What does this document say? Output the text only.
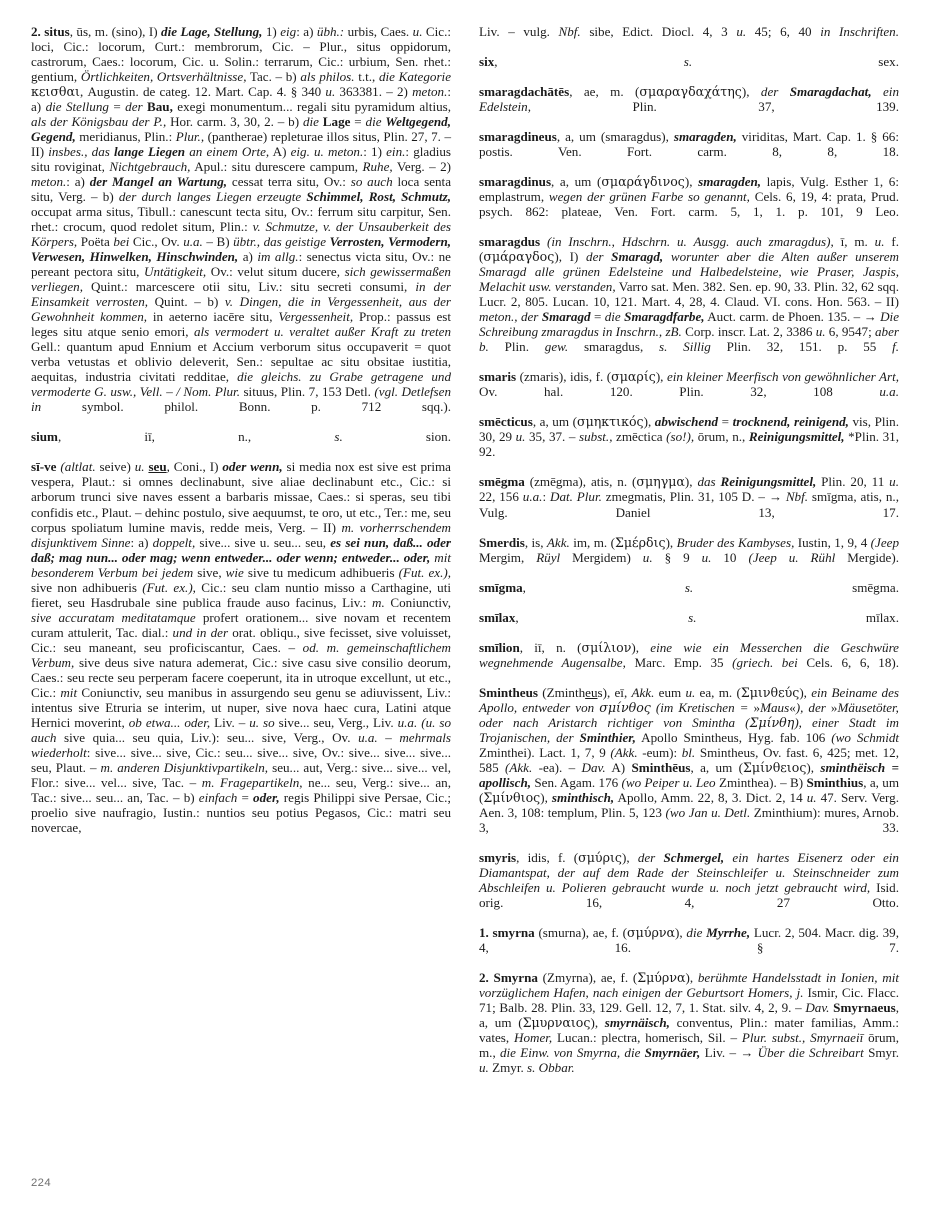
2. situs, ūs, m. (sino), I) die Lage, Stellung, 1) eig: a) übh.: urbis, Caes. u. Cic.: loci, Cic.: locorum, Curt.: membrorum, Cic. – Plur., situs oppidorum, castrorum, Caes.: locorum, Cic. u. Solin.: terrarum, Cic.: urbium, Sen. rhet.: gentium, Örtlichkeiten, Ortsverhältnisse, Tac. – b) als philos. t.t., die Kategorie κεισθαι, Augustin. de categ. 12. Mart. Cap. 4. § 340 u. 363381. – 2) meton.: a) die Stellung = der Bau, exegi monumentum... regali situ pyramidum altius, als der Königsbau der P., Hor. carm. 3, 30, 2. – b) die Lage = die Weltgegend, Gegend, meridianus, Plin.: Plur., (pantherae) repleturae illos situs, Plin. 27, 7. – II) insbes., das lange Liegen an einem Orte, A) eig. u. meton.: 1) ein.: gladius situ roviginat, Nichtgebrauch, Apul.: situ durescere campum, Ruhe, Verg. – 2) meton.: a) der Mangel an Wartung, cessat terra situ, Ov.: so auch loca senta situ, Verg. – b) der durch langes Liegen erzeugte Schimmel, Rost, Schmutz, occupat arma situs, Tibull.: canescunt tecta situ, Ov.: ferrum situ carpitur, Sen. rhet.: crocum, quod redolet situm, Plin.: v. Schmutze, v. der Unsauberkeit des Körpers, Poëta bei Cic., Ov. u.a. – B) übtr., das geistige Verrosten, Vermodern, Verwesen, Hinwelken, Hinschwinden, a) im allg.: senectus victa situ, Ov.: ne pereant pectora situ, Untätigkeit, Ov.: velut situm ducere, sich gewissermaßen verliegen, Quint.: marcescere otii situ, Liv.: situ secreti consumi, in der Einsamkeit verrosten, Quint. – b) v. Dingen, die in Vergessenheit, aus der Gewohnheit kommen, in aeterno iacēre situ, Vergessenheit, Prop.: passus est leges situ atque senio emori, als vermodert u. veraltet außer Kraft zu treten Gell.: quantum apud Ennium et Accium verborum situs occupaverit = quot verba vetustas et oblivio deleverit, Sen.: sepultae ac situ obsitae iustitia, aequitas, industria civitati redditae, die gleichs. zu Grabe getragene und vermoderte G. usw., Vell. – / Nom. Plur. situus, Plin. 7, 153 Detl. (vgl. Detlefsen in symbol. philol. Bonn. p. 712 sqq.).

sium, iī, n., s. sion.

sī-ve (altlat. seive) u. seu, Coni., I) oder wenn, si media nox est sive est prima vespera, Plaut.: si omnes declinabunt, sive aliae declinabunt etc., Cic.: si arborum trunci sive naves essent a barbaris missae, Caes.: si speras, seu tibi confidis etc., Plaut. – dehinc postulo, sive aequumst, te oro, ut etc., Ter.: me, seu corpus spoliatum lumine mavis, redde meis, Verg. – II) m. vorherrschendem disjunktivem Sinne: a) doppelt, sive... sive u. seu... seu, es sei nun, daß... oder daß; mag nun... oder mag; wenn entweder... oder wenn; entweder... oder, mit besonderem Verbum bei jedem sive, wie sive tu medicum adhibueris (Fut. ex.), sive non adhibueris (Fut. ex.), Cic.: seu clam nuntio misso a Carthagine, uti fieret, seu Hasdrubale sine publica fraude auso facinus, Liv.: m. Coniunctiv, sive accuratam meditatamque profert orationem... sive novam et recentem curam attulerit, Tac. dial.: und in der orat. obliqu., sive fecisset, sive voluisset, Cic.: seu maneant, seu proficiscantur, Caes. – od. m. gemeinschaftlichem Verbum, sive deus sive natura ademerat, Cic.: sive casu sive consilio deorum, Caes.: seu recte seu perperam facere coeperunt, ita in utroque excellunt, ut etc., Cic.: mit Coniunctiv, seu manibus in assurgendo seu genu se adiuvissent, Liv.: intentus sive Etruria se interim, ut nuper, sive nova haec cura, Latini atque Hernici moverint, ob etwa... oder, Liv. – u. so sive... seu, Verg., Liv. u.a. (u. so auch sive quia... seu quia, Liv.): seu... sive, Verg., Ov. u.a. – mehrmals wiederholt: sive... sive... sive, Cic.: seu... sive... sive, Ov.: sive... sive... sive... seu, Plaut. – m. anderen Disjunktivpartikeln, seu... aut, Verg.: sive... sive... vel, Flor.: sive... vel... sive, Tac. – m. Fragepartikeln, ne... seu, Verg.: sive... an, Tac.: sive... seu... an, Tac. – b) einfach = oder, regis Philippi sive Persae, Cic.; proelio sive naufragio, Iustin.: nuntios seu potius Pegasos, Cic.: matri seu novercae,

Liv. – vulg. Nbf. sibe, Edict. Diocl. 4, 3 u. 45; 6, 40 in Inschriften.

six, s. sex.

smaragdachātēs, ae, m. (σμαραγδαχάτης), der Smaragdachat, ein Edelstein, Plin. 37, 139.

smaragdineus, a, um (smaragdus), smaragden, viriditas, Mart. Cap. 1. § 66: postis. Ven. Fort. carm. 8, 8, 18.

smaragdinus, a, um (σμαράγδινος), smaragden, lapis, Vulg. Esther 1, 6: emplastrum, wegen der grünen Farbe so genannt, Cels. 6, 19, 4: prata, Prud. psych. 862: plateae, Ven. Fort. carm. 5, 1, 1. p. 101, 9 Leo.

smaragdus (in Inschrn., Hdschrn. u. Ausgg. auch zmaragdus), ī, m. u. f. (σμάραγδος), I) der Smaragd, worunter aber die Alten außer unserem Smaragd alle grünen Edelsteine und Halbedelsteine, wie Praser, Jaspis, Melachit usw. verstanden, Varro sat. Men. 382. Sen. ep. 90, 33. Plin. 32, 62 sqq. Lucr. 2, 805. Lucan. 10, 121. Mart. 4, 28, 4. Claud. VI. cons. Hon. 563. – II) meton., der Smaragd = die Smaragdfarbe, Auct. carm. de Phoen. 135. – → Die Schreibung zmaragdus in Inschrn., zB. Corp. inscr. Lat. 2, 3386 u. 6, 9547; aber b. Plin. gew. smaragdus, s. Sillig Plin. 32, 151. p. 55 f.

smaris (zmaris), idis, f. (σμαρίς), ein kleiner Meerfisch von gewöhnlicher Art, Ov. hal. 120. Plin. 32, 108 u.a.

smēcticus, a, um (σμηκτικός), abwischend = trocknend, reinigend, vis, Plin. 30, 29 u. 35, 37. – subst., zmēctica (so!), ōrum, n., Reinigungsmittel, *Plin. 31, 92.

smēgma (zmēgma), atis, n. (σμηγμα), das Reinigungsmittel, Plin. 20, 11 u. 22, 156 u.a.: Dat. Plur. zmegmatis, Plin. 31, 105 D. – → Nbf. smīgma, atis, n., Vulg. Daniel 13, 17.

Smerdis, is, Akk. im, m. (Σμέρδις), Bruder des Kambyses, Iustin, 1, 9, 4 (Jeep Mergim, Rüyl Mergidem) u. § 9 u. 10 (Jeep u. Rühl Mergide).

smīgma, s. smēgma.

smīlax, s. mīlax.

smīlion, iī, n. (σμίλιον), eine wie ein Messerchen die Geschwüre wegnehmende Augensalbe, Marc. Emp. 35 (griech. bei Cels. 6, 6, 18).

Smintheus (Zmintheus), eī, Akk. eum u. ea, m. (Σμινθεύς), ein Beiname des Apollo, entweder von σμίνθος (im Kretischen = »Maus«), der »Mäusetöter, oder nach Aristarch richtiger von Smintha (Σμίνθη), einer Stadt im Trojanischen, der Sminthier, Apollo Smintheus, Hyg. fab. 106 (wo Schmidt Zminthei). Lact. 1, 7, 9 (Akk. -eum): bl. Smintheus, Ov. fast. 6, 425; met. 12, 585 (Akk. -ea). – Dav. A) Sminthēus, a, um (Σμίνθειος), sminthëisch = apollisch, Sen. Agam. 176 (wo Peiper u. Leo Zminthea). – B) Sminthius, a, um (Σμίνθιος), sminthisch, Apollo, Amm. 22, 8, 3. Dict. 2, 14 u. 47. Serv. Verg. Aen. 3, 108: templum, Plin. 5, 123 (wo Jan u. Detl. Zminthium): mures, Arnob. 3, 33.

smyris, idis, f. (σμύρις), der Schmergel, ein hartes Eisenerz oder ein Diamantspat, der auf dem Rade der Steinschleifer u. Steinschneider zum Abschleifen u. Polieren gebraucht wurde u. noch jetzt gebraucht wird, Isid. orig. 16, 4, 27 Otto.

1. smyrna (smurna), ae, f. (σμύρνα), die Myrrhe, Lucr. 2, 504. Macr. dig. 39, 4, 16. § 7.

2. Smyrna (Zmyrna), ae, f. (Σμύρνα), berühmte Handelsstadt in Ionien, mit vorzüglichem Hafen, nach einigen der Geburtsort Homers, j. Ismir, Cic. Flacc. 71; Balb. 28. Plin. 33, 129. Gell. 12, 7, 1. Stat. silv. 4, 2, 9. – Dav. Smyrnaeus, a, um (Σμυρναιος), smyrnäisch, conventus, Plin.: mater familias, Amm.: vates, Homer, Lucan.: plectra, homerisch, Sil. – Plur. subst., Smyrnaeiī ōrum, m., die Einw. von Smyrna, die Smyrnäer, Liv. – → Über die Schreibart Smyr. u. Zmyr. s. Obbar.

224
